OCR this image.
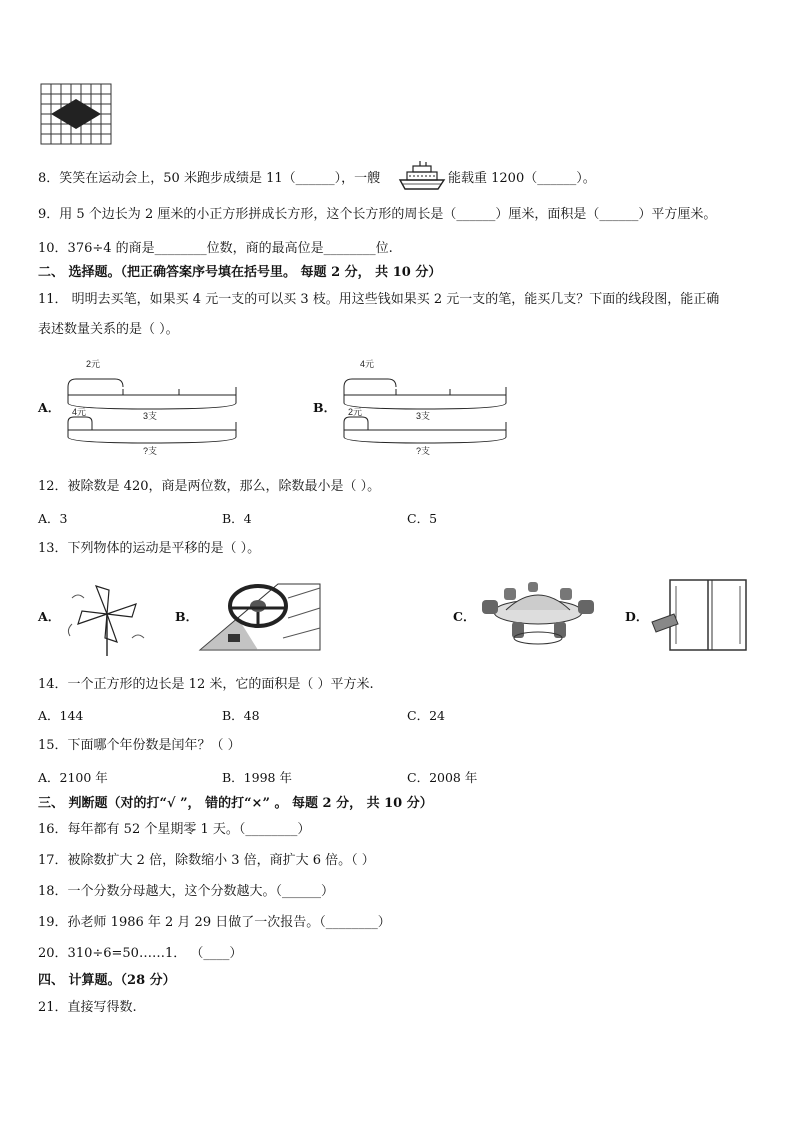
8．笑笑在运动会上，50 米跑步成绩是 11（______），一艘	能载重 1200（______）。
9．用 5 个边长为 2 厘米的小正方形拼成长方形，这个长方形的周长是（______）厘米，面积是（______）平方厘米。
10．376÷4 的商是________位数，商的最高位是________位.
二、 选择题。（把正确答案序号填在括号里。 每题 2 分， 共 10 分）
11． 明明去买笔，如果买 4 元一支的可以买 3 枝。用这些钱如果买 2 元一支的笔，能买几支？下面的线段图，能正确
表述数量关系的是（ ）。
A．
2元
3支
4元
?支
B．
4元
3支
2元
?支
12．被除数是 420，商是两位数，那么，除数最小是（ ）。
A．3	B．4	C．5
13．下列物体的运动是平移的是（ ）。
A．	B．	C．	D．
14．一个正方形的边长是 12 米，它的面积是（ ）平方米.
A．144	B．48	C．24
15．下面哪个年份数是闰年？（ ）
A．2100 年	B．1998 年	C．2008 年
三、 判断题（对的打“√ ”， 错的打“×” 。 每题 2 分， 共 10 分）
16．每年都有 52 个星期零 1 天。（________）
17．被除数扩大 2 倍，除数缩小 3 倍，商扩大 6 倍。（ ）
18．一个分数分母越大，这个分数越大。（______）
19．孙老师 1986 年 2 月 29 日做了一次报告。（________）
20．310÷6=50……1． （____）
四、 计算题。（28 分）
21．直接写得数.
